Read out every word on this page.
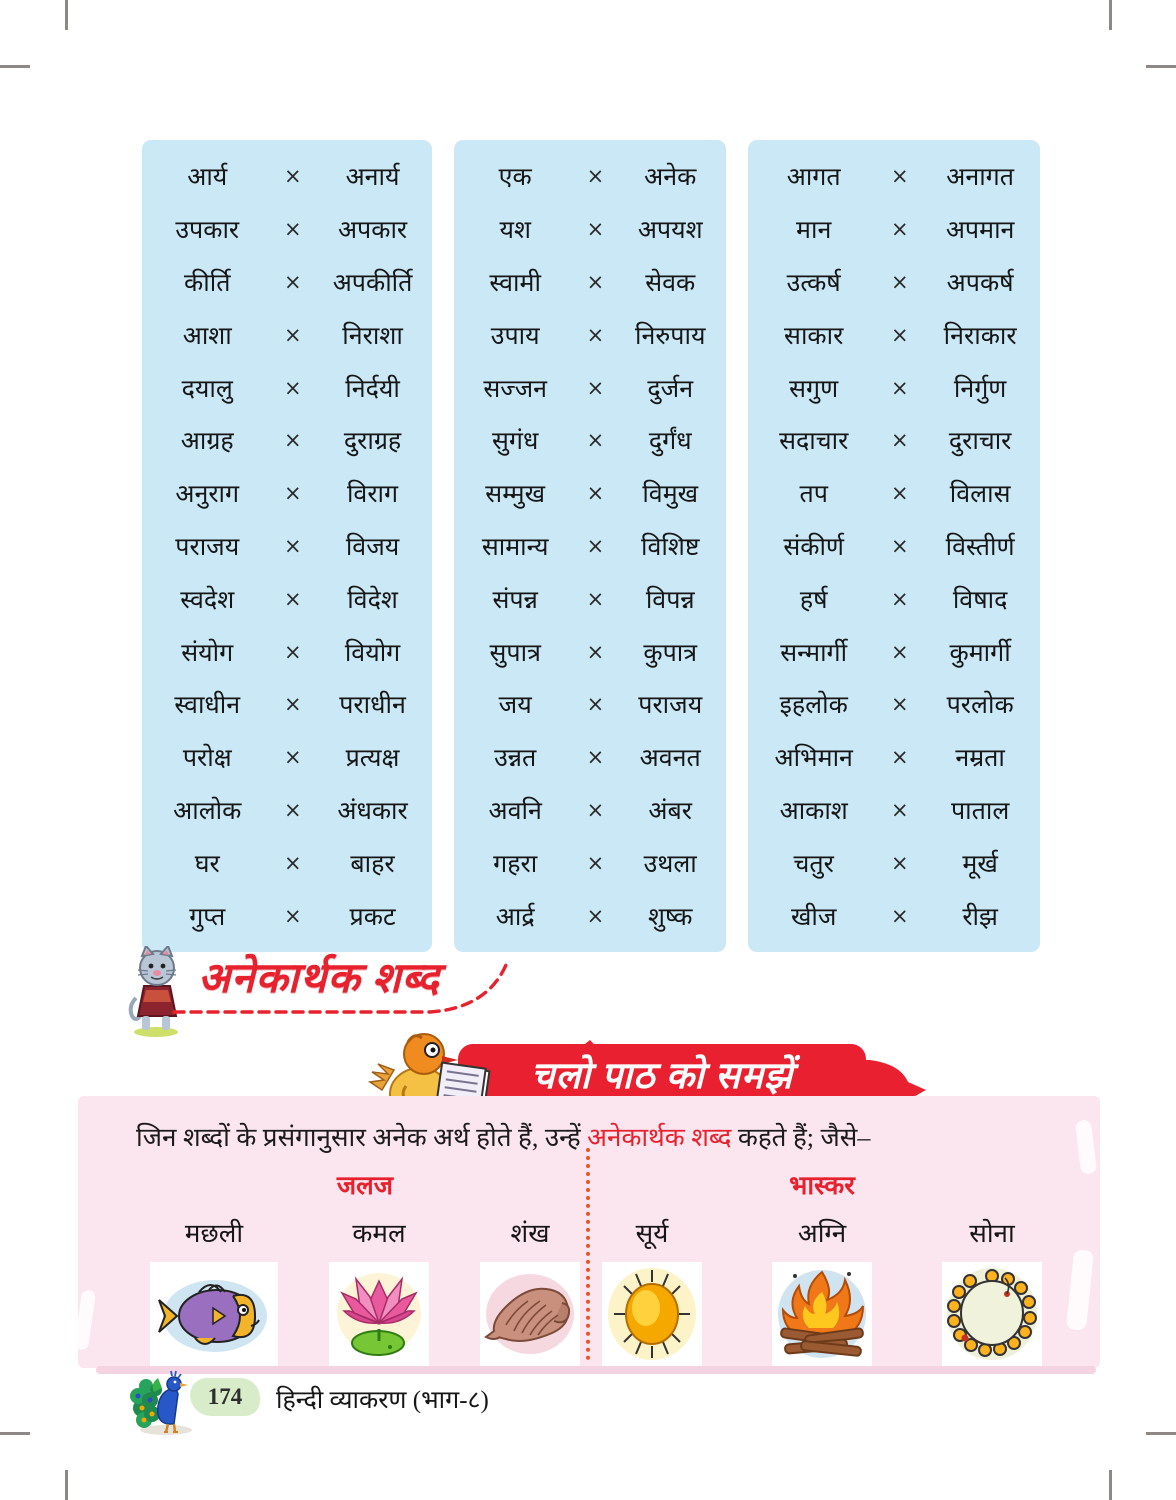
आर्य	×	अनार्य
उपकार	×	अपकार
कीर्ति	×	अपकीर्ति
आशा	×	निराशा
दयालु	×	निर्दयी
आग्रह	×	दुराग्रह
अनुराग	×	विराग
पराजय	×	विजय
स्वदेश	×	विदेश
संयोग	×	वियोग
स्वाधीन	×	पराधीन
परोक्ष	×	प्रत्यक्ष
आलोक	×	अंधकार
घर	×	बाहर
गुप्त	×	प्रकट
एक	×	अनेक
यश	×	अपयश
स्वामी	×	सेवक
उपाय	×	निरुपाय
सज्जन	×	दुर्जन
सुगंध	×	दुर्गंध
सम्मुख	×	विमुख
सामान्य	×	विशिष्ट
संपन्न	×	विपन्न
सुपात्र	×	कुपात्र
जय	×	पराजय
उन्नत	×	अवनत
अवनि	×	अंबर
गहरा	×	उथला
आर्द्र	×	शुष्क
आगत	×	अनागत
मान	×	अपमान
उत्कर्ष	×	अपकर्ष
साकार	×	निराकार
सगुण	×	निर्गुण
सदाचार	×	दुराचार
तप	×	विलास
संकीर्ण	×	विस्तीर्ण
हर्ष	×	विषाद
सन्मार्गी	×	कुमार्गी
इहलोक	×	परलोक
अभिमान	×	नम्रता
आकाश	×	पाताल
चतुर	×	मूर्ख
खीज	×	रीझ
अनेकार्थक शब्द
चलो पाठ को समझें
जिन शब्दों के प्रसंगानुसार अनेक अर्थ होते हैं, उन्हें अनेकार्थक शब्द कहते हैं; जैसे–
जलज
मछली	कमल	शंख
भास्कर
सूर्य	अग्नि	सोना
174 हिन्दी व्याकरण (भाग-८)
